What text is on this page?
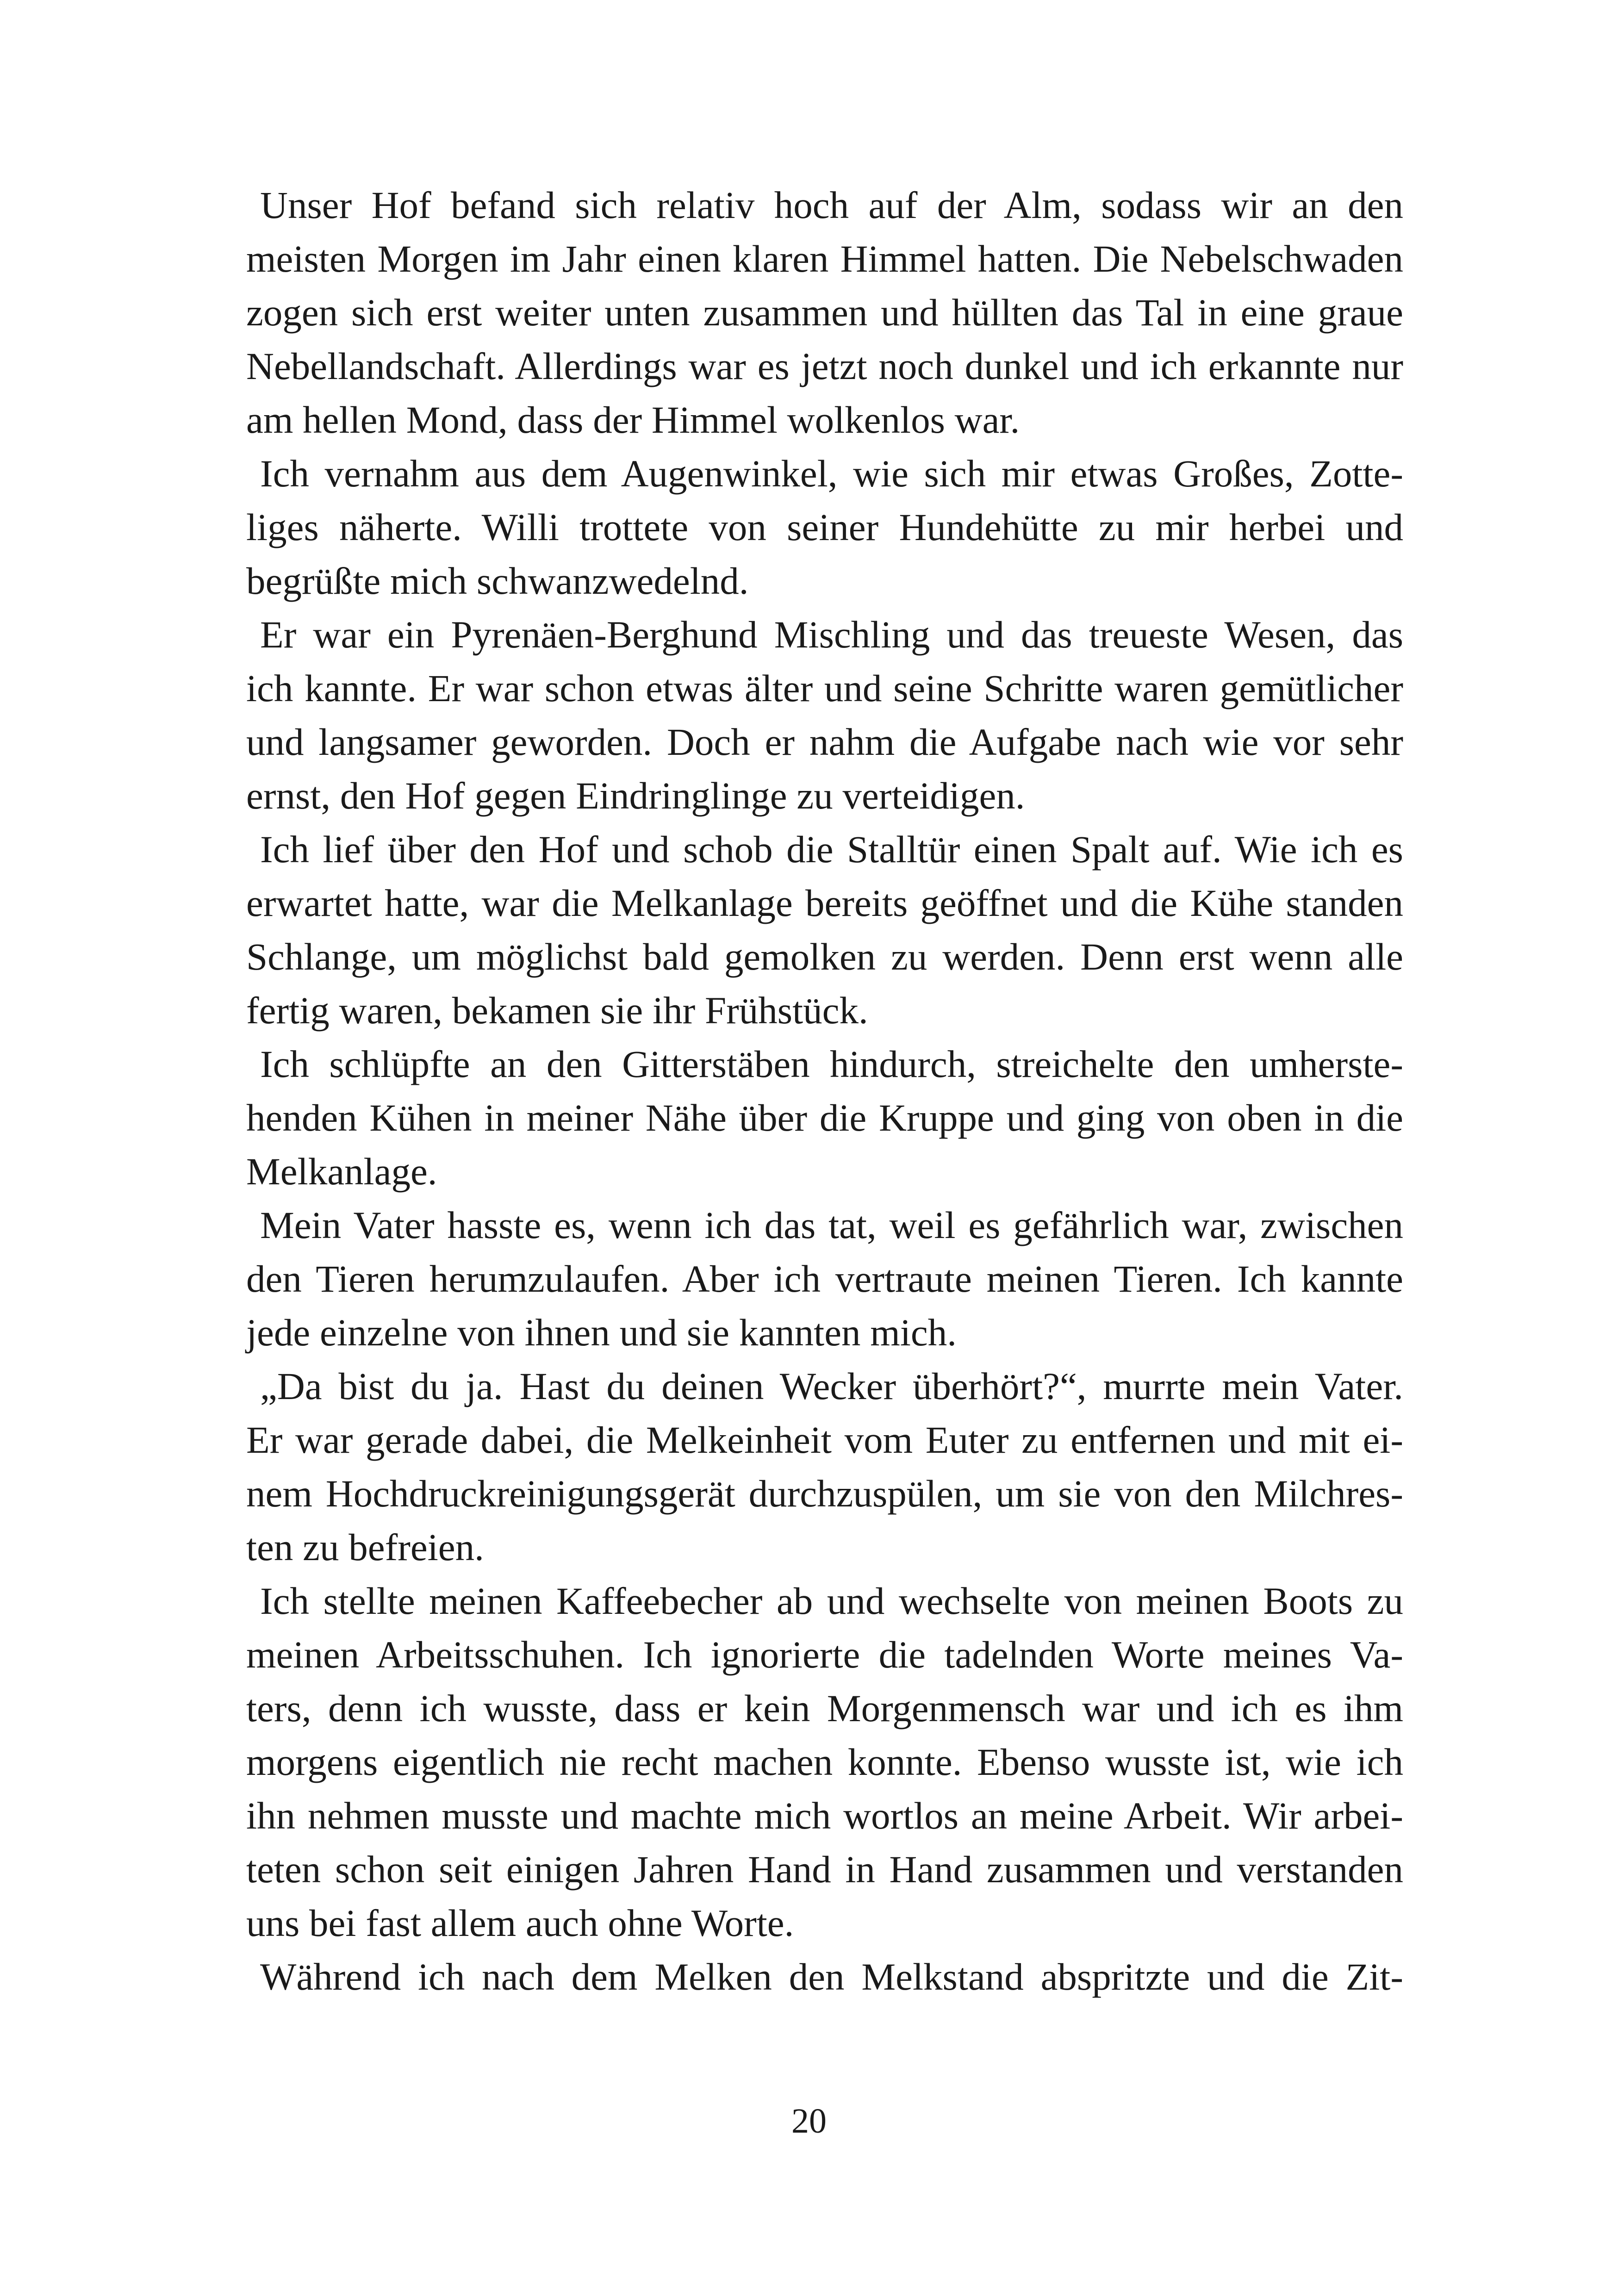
Unser Hof befand sich relativ hoch auf der Alm, sodass wir an den
meisten Morgen im Jahr einen klaren Himmel hatten. Die Nebelschwaden
zogen sich erst weiter unten zusammen und hüllten das Tal in eine graue
Nebellandschaft. Allerdings war es jetzt noch dunkel und ich erkannte nur
am hellen Mond, dass der Himmel wolkenlos war.

Ich vernahm aus dem Augenwinkel, wie sich mir etwas Großes, Zotte-
liges näherte. Willi trottete von seiner Hundehütte zu mir herbei und
begrüßte mich schwanzwedelnd.

Er war ein Pyrenäen-Berghund Mischling und das treueste Wesen, das
ich kannte. Er war schon etwas älter und seine Schritte waren gemütlicher
und langsamer geworden. Doch er nahm die Aufgabe nach wie vor sehr
ernst, den Hof gegen Eindringlinge zu verteidigen.

Ich lief über den Hof und schob die Stalltür einen Spalt auf. Wie ich es
erwartet hatte, war die Melkanlage bereits geöffnet und die Kühe standen
Schlange, um möglichst bald gemolken zu werden. Denn erst wenn alle
fertig waren, bekamen sie ihr Frühstück.

Ich schlüpfte an den Gitterstäben hindurch, streichelte den umherste-
henden Kühen in meiner Nähe über die Kruppe und ging von oben in die
Melkanlage.

Mein Vater hasste es, wenn ich das tat, weil es gefährlich war, zwischen
den Tieren herumzulaufen. Aber ich vertraute meinen Tieren. Ich kannte
jede einzelne von ihnen und sie kannten mich.

„Da bist du ja. Hast du deinen Wecker überhört?“, murrte mein Vater.
Er war gerade dabei, die Melkeinheit vom Euter zu entfernen und mit ei-
nem Hochdruckreinigungsgerät durchzuspülen, um sie von den Milchres-
ten zu befreien.

Ich stellte meinen Kaffeebecher ab und wechselte von meinen Boots zu
meinen Arbeitsschuhen. Ich ignorierte die tadelnden Worte meines Va-
ters, denn ich wusste, dass er kein Morgenmensch war und ich es ihm
morgens eigentlich nie recht machen konnte. Ebenso wusste ist, wie ich
ihn nehmen musste und machte mich wortlos an meine Arbeit. Wir arbei-
teten schon seit einigen Jahren Hand in Hand zusammen und verstanden
uns bei fast allem auch ohne Worte.

Während ich nach dem Melken den Melkstand abspritzte und die Zit-

20
